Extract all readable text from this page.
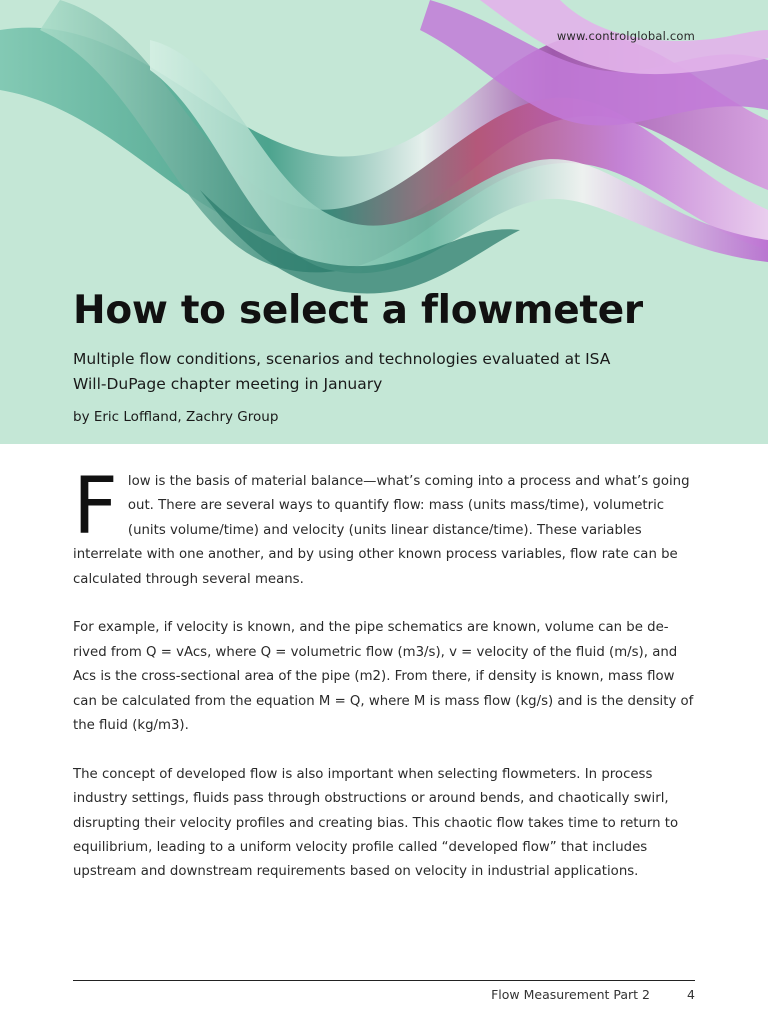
www.controlglobal.com
How to select a flowmeter

Multiple flow conditions, scenarios and technologies evaluated at ISA Will-DuPage chapter meeting in January

by Eric Loffland, Zachry Group

Flow is the basis of material balance—what’s coming into a process and what’s going out. There are several ways to quantify flow: mass (units mass/time), volumetric (units volume/time) and velocity (units linear distance/time). These variables interrelate with one another, and by using other known process variables, flow rate can be calculated through several means.

For example, if velocity is known, and the pipe schematics are known, volume can be de-rived from Q = vAcs, where Q = volumetric flow (m3/s), v = velocity of the fluid (m/s), and Acs is the cross-sectional area of the pipe (m2). From there, if density is known, mass flow can be calculated from the equation M = Q, where M is mass flow (kg/s) and is the density of the fluid (kg/m3).

The concept of developed flow is also important when selecting flowmeters. In process industry settings, fluids pass through obstructions or around bends, and chaotically swirl, disrupting their velocity profiles and creating bias. This chaotic flow takes time to return to equilibrium, leading to a uniform velocity profile called “developed flow” that includes upstream and downstream requirements based on velocity in industrial applications.

Flow Measurement Part 2	4
